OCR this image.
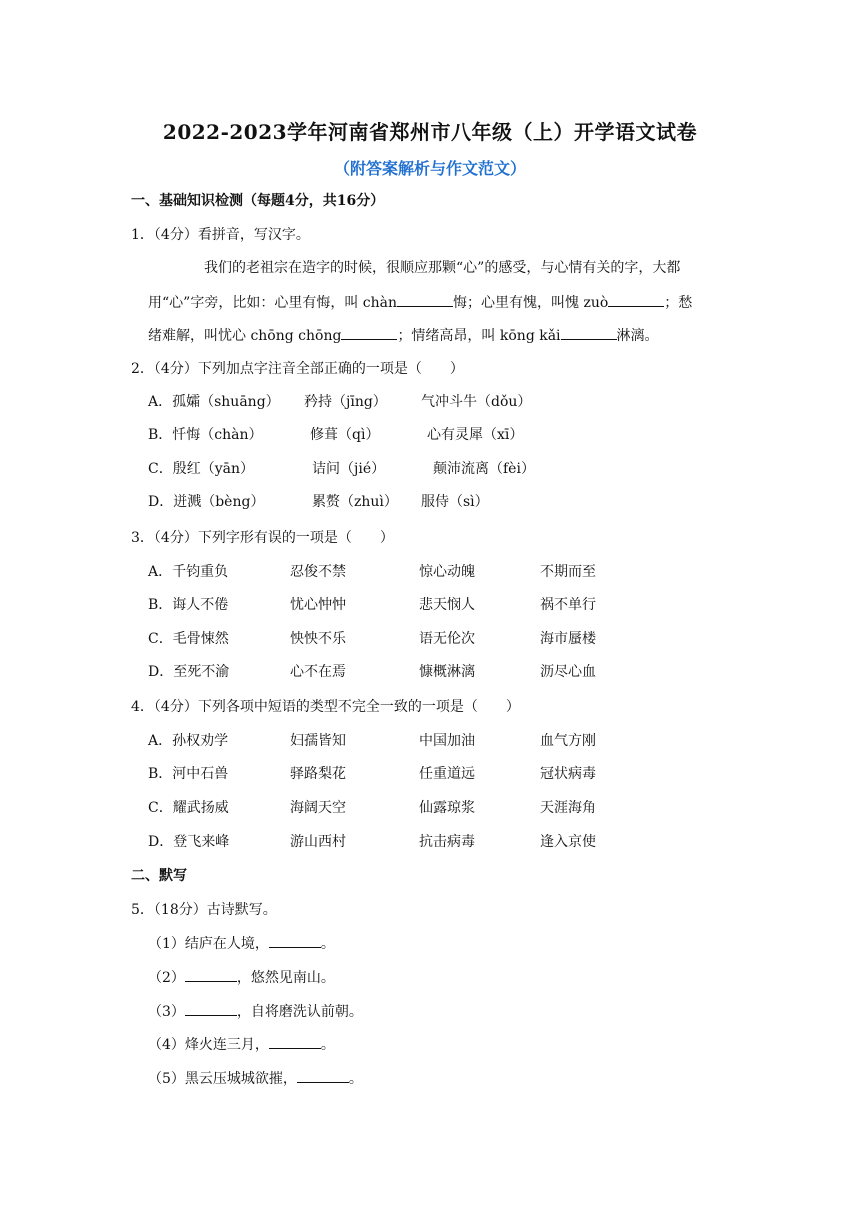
2022-2023学年河南省郑州市八年级（上）开学语文试卷
（附答案解析与作文范文）
一、基础知识检测（每题4分，共16分）
1．（4分）看拼音，写汉字。
我们的老祖宗在造字的时候，很顺应那颗“心”的感受，与心情有关的字，大都
用“心”字旁，比如：心里有悔，叫 chàn	悔；心里有愧，叫愧 zuò	；愁
绪难解，叫忧心 chōng chōng	；情绪高昂，叫 kōng kǎi	淋漓。
2．（4分）下列加点字注音全部正确的一项是（　　）
A．孤孀（shuāng） 矜持（jīng） 气冲斗牛（dǒu）
B．忏悔（chàn）	修葺（qì）	心有灵犀（xī）
C．殷红（yān）	诘问（jié）	颠沛流离（fèi）
D．迸溅（bèng）	累赘（zhuì） 服侍（sì）
3．（4分）下列字形有误的一项是（　　）
A．千钧重负	忍俊不禁	惊心动魄	不期而至
B．诲人不倦	忧心忡忡	悲天悯人	祸不单行
C．毛骨悚然	怏怏不乐	语无伦次	海市蜃楼
D．至死不渝	心不在焉	慷概淋漓	沥尽心血
4．（4分）下列各项中短语的类型不完全一致的一项是（　　）
A．孙权劝学	妇孺皆知	中国加油	血气方刚
B．河中石兽	驿路梨花	任重道远	冠状病毒
C．耀武扬威	海阔天空	仙露琼浆	天涯海角
D．登飞来峰	游山西村	抗击病毒	逢入京使
二、默写
5．（18分）古诗默写。
（1）结庐在人境，	。
（2）	，悠然见南山。
（3）	，自将磨洗认前朝。
（4）烽火连三月，	。
（5）黑云压城城欲摧，	。
